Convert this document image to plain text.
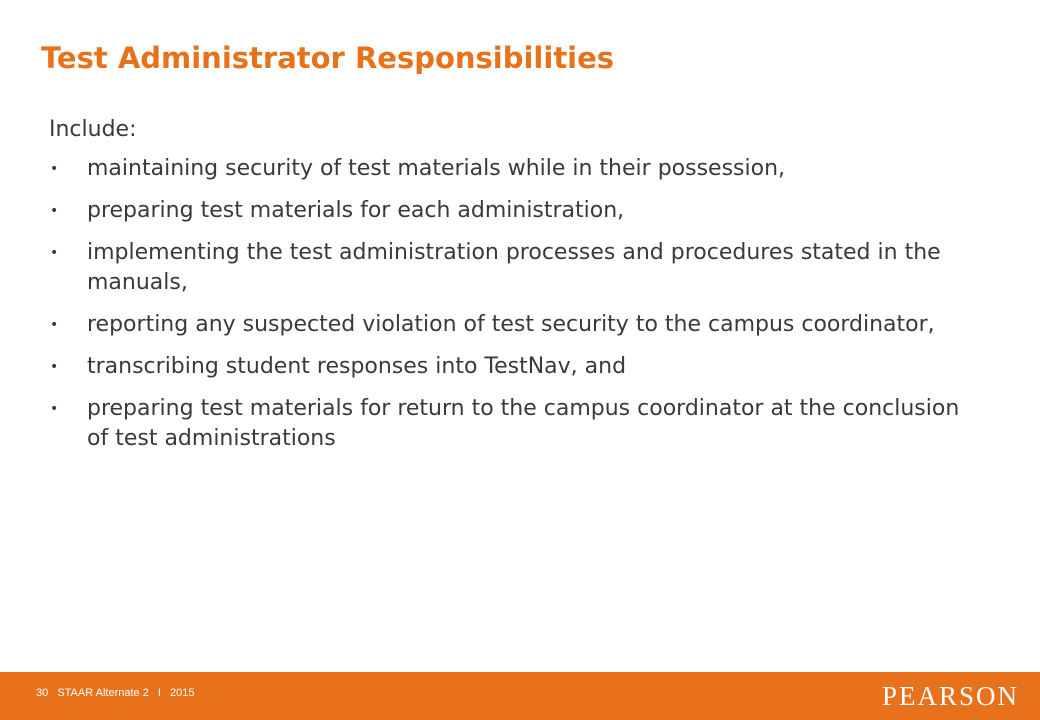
Test Administrator Responsibilities

Include:

• maintaining security of test materials while in their possession,
• preparing test materials for each administration,
• implementing the test administration processes and procedures stated in the manuals,
• reporting any suspected violation of test security to the campus coordinator,
• transcribing student responses into TestNav, and
• preparing test materials for return to the campus coordinator at the conclusion of test administrations
30 STAAR Alternate 2 I 2015	PEARSON
